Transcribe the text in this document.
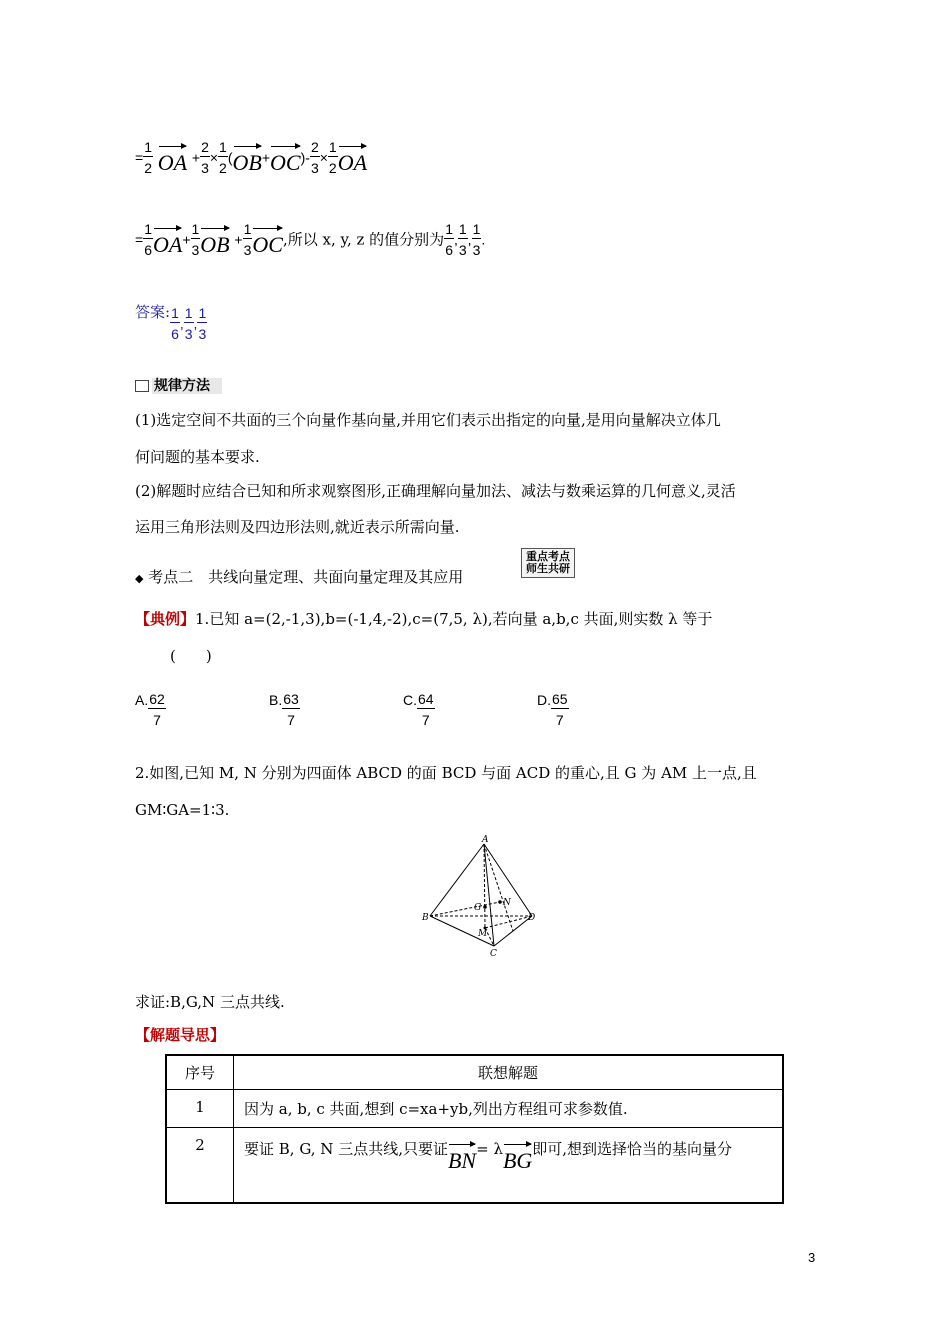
= $\frac{1}{2}$ OA + $\frac{2}{3} \times \frac{1}{2} (OB+OC)- \frac{2}{3} \times \frac{1}{2}$ OA
= $\frac{1}{6} OA+ \frac{1}{3}$ OB + $\frac{1}{3}$ OC,所以 x, y, z 的值分别为 $\frac{1}{6}$ , $\frac{1}{3}$ , $\frac{1}{3}$ .
答案: $\frac{1}{6}$ , $\frac{1}{3}$ , $\frac{1}{3}$
规律方法
(1)选定空间不共面的三个向量作基向量,并用它们表示出指定的向量,是用向量解决立体几
何问题的基本要求.
(2)解题时应结合已知和所求观察图形,正确理解向量加法、减法与数乘运算的几何意义,灵活
运用三角形法则及四边形法则,就近表示所需向量.
◆ 考点二　共线向量定理、共面向量定理及其应用
重点考点
师生共研
【典例】1.已知 a=(2,-1,3),b=(-1,4,-2),c=(7,5, λ),若向量 a,b,c 共面,则实数 λ 等于
(　　)
A. $\frac{62}{7}$	B. $\frac{63}{7}$	C. $\frac{64}{7}$	D. $\frac{65}{7}$
2.如图,已知 M, N 分别为四面体 ABCD 的面 BCD 与面 ACD 的重心,且 G 为 AM 上一点,且
GM∶GA=1∶3.
A
B
C
D
G N
M
求证:B,G,N 三点共线.
【解题导思】
序号	联想解题
1	因为 a, b, c 共面,想到 c=xa+yb,列出方程组可求参数值.
2	要证 B, G, N 三点共线,只要证BN= λBG即可,想到选择恰当的基向量分
3
